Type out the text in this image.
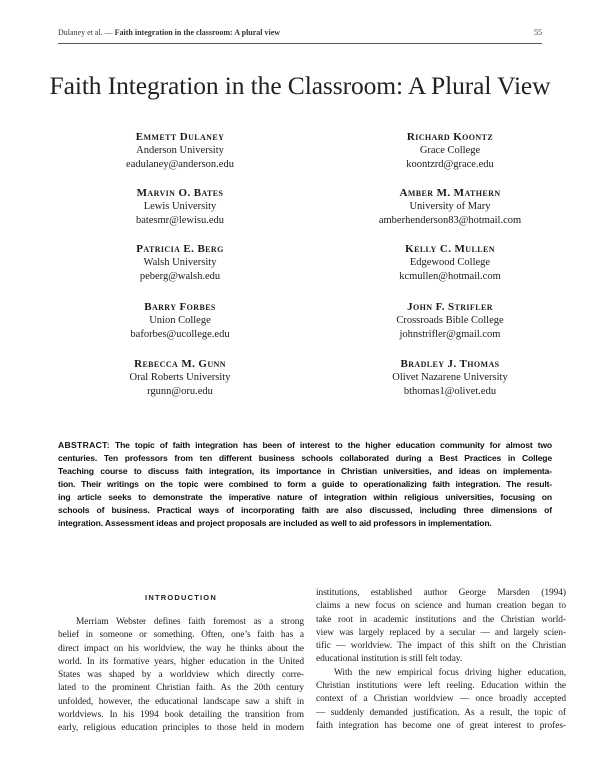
Dulaney et al. — Faith integration in the classroom: A plural view	55
Faith Integration in the Classroom: A Plural View
Emmett Dulaney
Anderson University
eadulaney@anderson.edu
Marvin O. Bates
Lewis University
batesmr@lewisu.edu
Patricia E. Berg
Walsh University
peberg@walsh.edu
Barry Forbes
Union College
baforbes@ucollege.edu
Rebecca M. Gunn
Oral Roberts University
rgunn@oru.edu
Richard Koontz
Grace College
koontzrd@grace.edu
Amber M. Mathern
University of Mary
amberhenderson83@hotmail.com
Kelly C. Mullen
Edgewood College
kcmullen@hotmail.com
John F. Strifler
Crossroads Bible College
johnstrifler@gmail.com
Bradley J. Thomas
Olivet Nazarene University
bthomas1@olivet.edu
ABSTRACT: The topic of faith integration has been of interest to the higher education community for almost two
centuries. Ten professors from ten different business schools collaborated during a Best Practices in College
Teaching course to discuss faith integration, its importance in Christian universities, and ideas on implementa-
tion. Their writings on the topic were combined to form a guide to operationalizing faith integration. The result-
ing article seeks to demonstrate the imperative nature of integration within religious universities, focusing on
schools of business. Practical ways of incorporating faith are also discussed, including three dimensions of
integration. Assessment ideas and project proposals are included as well to aid professors in implementation.
INTRODUCTION
Merriam Webster defines faith foremost as a strong
belief in someone or something. Often, one’s faith has a
direct impact on his worldview, the way he thinks about the
world. In its formative years, higher education in the United
States was shaped by a worldview which directly corre-
lated to the prominent Christian faith. As the 20th century
unfolded, however, the educational landscape saw a shift in
worldviews. In his 1994 book detailing the transition from
early, religious education principles to those held in modern
institutions, established author George Marsden (1994)
claims a new focus on science and human creation began to
take root in academic institutions and the Christian world-
view was largely replaced by a secular — and largely scien-
tific — worldview. The impact of this shift on the Christian
educational institution is still felt today.
With the new empirical focus driving higher education,
Christian institutions were left reeling. Education within the
context of a Christian worldview — once broadly accepted
— suddenly demanded justification. As a result, the topic of
faith integration has become one of great interest to profes-
